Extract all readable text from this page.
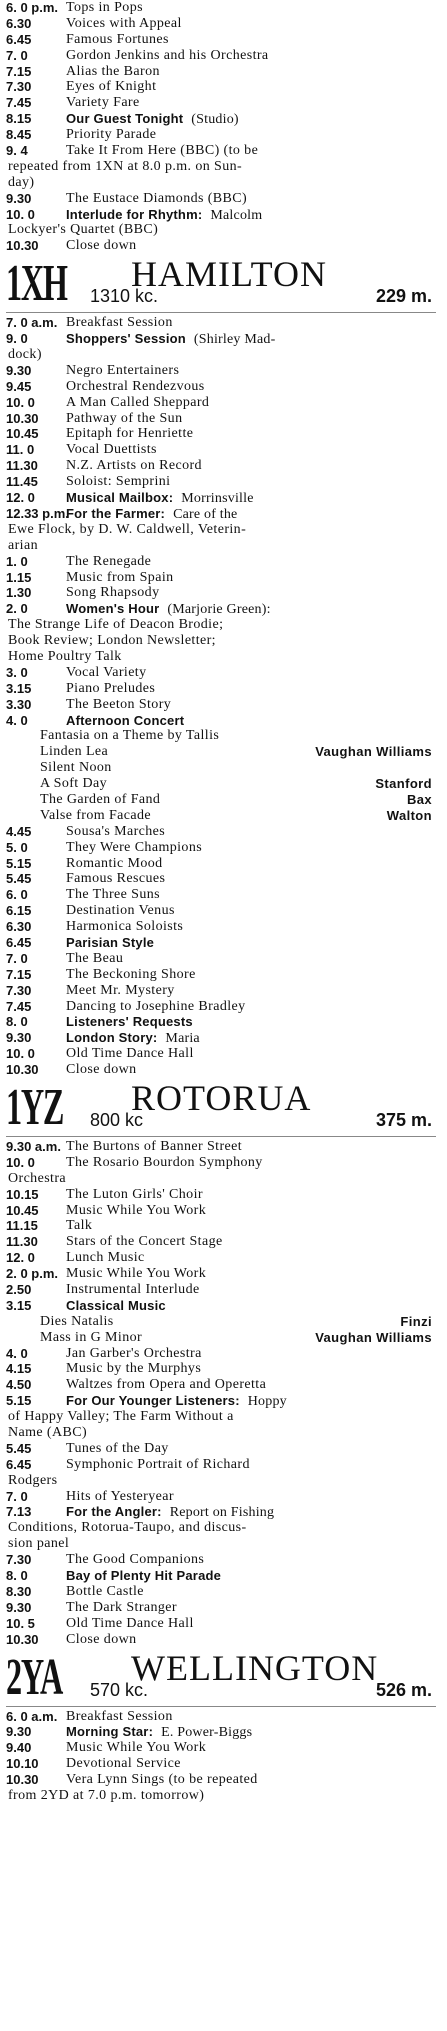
6. 0 p.m. Tops in Pops
6.30 Voices with Appeal
6.45 Famous Fortunes
7. 0	Gordon Jenkins and his Orchestra
7.15 Alias the Baron
7.30 Eyes of Knight
7.45 Variety Fare
8.15	Our Guest Tonight (Studio)
8.45 Priority Parade
9. 4	Take It From Here (BBC) (to be
repeated from 1XN at 8.0 p.m. on Sun-
day)
9.30 The Eustace Diamonds (BBC)
10. 0 Interlude for Rhythm: Malcolm
Lockyer's Quartet (BBC)
10.30 Close down
1XH HAMILTON
1310 kc.	229 m.
7. 0 a.m. Breakfast Session
9. 0	Shoppers' Session (Shirley Mad-
dock)
9.30 Negro Entertainers
9.45 Orchestral Rendezvous
10. 0 A Man Called Sheppard
10.30 Pathway of the Sun
10.45 Epitaph for Henriette
11. 0 Vocal Duettists
11.30 N.Z. Artists on Record
11.45 Soloist: Semprini
12. 0 Musical Mailbox: Morrinsville
12.33 p.m.
For the Farmer: Care of the
Ewe Flock, by D. W. Caldwell, Veterin-
arian
1. 0	The Renegade
1.15 Music from Spain
1.30 Song Rhapsody
2. 0	Women's Hour (Marjorie Green):
The Strange Life of Deacon Brodie;
Book Review; London Newsletter;
Home Poultry Talk
3. 0	Vocal Variety
3.15 Piano Preludes
3.30 The Beeton Story
4. 0	Afternoon Concert
Fantasia on a Theme by Tallis
Linden Lea	Vaughan Williams
Silent Noon
A Soft Day	Stanford
The Garden of Fand	Bax
Valse from Facade	Walton
4.45 Sousa's Marches
5. 0	They Were Champions
5.15 Romantic Mood
5.45 Famous Rescues
6. 0	The Three Suns
6.15 Destination Venus
6.30 Harmonica Soloists
6.45	Parisian Style
7. 0	The Beau
7.15 The Beckoning Shore
7.30 Meet Mr. Mystery
7.45 Dancing to Josephine Bradley
8. 0	Listeners' Requests
9.30	London Story: Maria
10. 0 Old Time Dance Hall
10.30 Close down
1YZ ROTORUA
800 kc	375 m.
9.30 a.m. The Burtons of Banner Street
10. 0 The Rosario Bourdon Symphony
Orchestra
10.15 The Luton Girls' Choir
10.45 Music While You Work
11.15 Talk
11.30 Stars of the Concert Stage
12. 0 Lunch Music
2. 0 p.m. Music While You Work
2.50 Instrumental Interlude
3.15	Classical Music
Dies Natalis	Finzi
Mass in G Minor	Vaughan Williams
4. 0	Jan Garber's Orchestra
4.15 Music by the Murphys
4.50 Waltzes from Opera and Operetta
5.15	For Our Younger Listeners: Hoppy
of Happy Valley; The Farm Without a
Name (ABC)
5.45 Tunes of the Day
6.45 Symphonic Portrait of Richard
Rodgers
7. 0	Hits of Yesteryear
7.13	For the Angler: Report on Fishing
Conditions, Rotorua-Taupo, and discus-
sion panel
7.30 The Good Companions
8. 0	Bay of Plenty Hit Parade
8.30 Bottle Castle
9.30 The Dark Stranger
10. 5 Old Time Dance Hall
10.30 Close down
2YA WELLINGTON
570 kc.	526 m.
6. 0 a.m. Breakfast Session
9.30	Morning Star: E. Power-Biggs
9.40 Music While You Work
10.10 Devotional Service
10.30 Vera Lynn Sings (to be repeated
from 2YD at 7.0 p.m. tomorrow)
